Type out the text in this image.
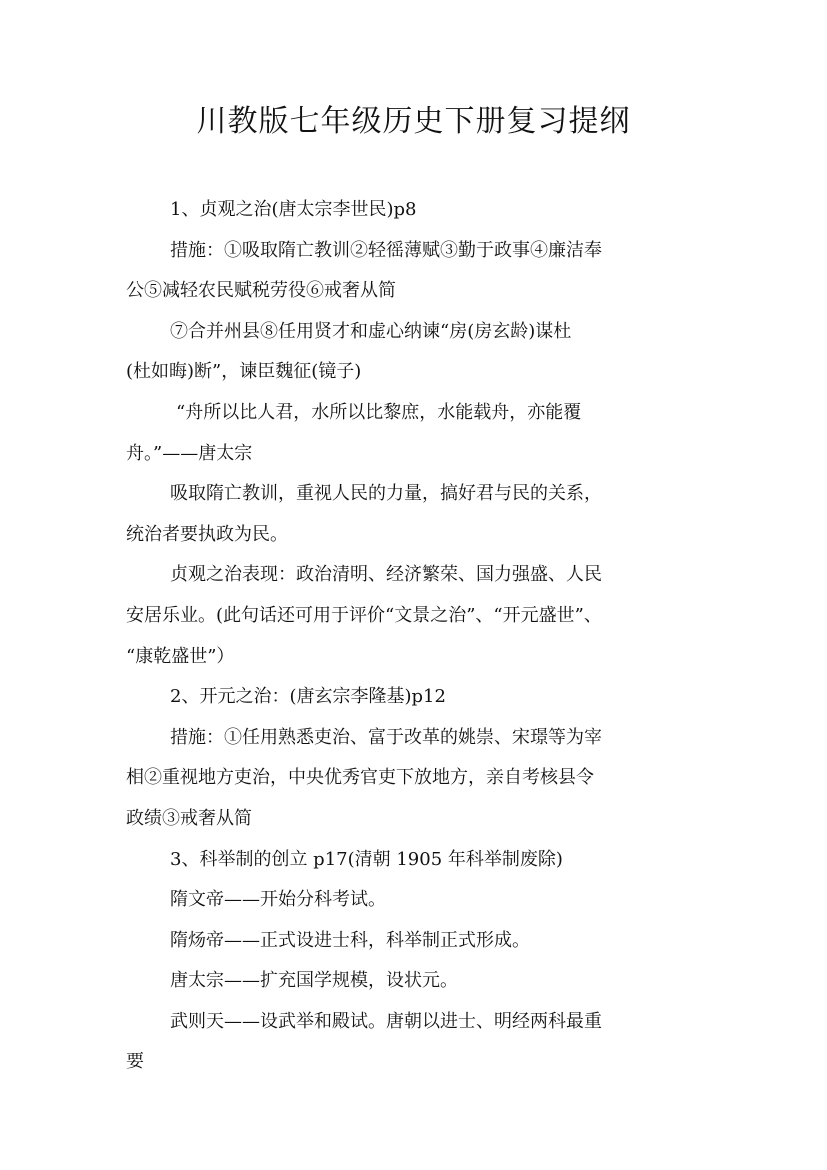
川教版七年级历史下册复习提纲
1、贞观之治(唐太宗李世民)p8
措施：①吸取隋亡教训②轻徭薄赋③勤于政事④廉洁奉
公⑤减轻农民赋税劳役⑥戒奢从简
⑦合并州县⑧任用贤才和虚心纳谏“房(房玄龄)谋杜
(杜如晦)断”，谏臣魏征(镜子)
“舟所以比人君，水所以比黎庶，水能载舟，亦能覆
舟。”——唐太宗
吸取隋亡教训，重视人民的力量，搞好君与民的关系，
统治者要执政为民。
贞观之治表现：政治清明、经济繁荣、国力强盛、人民
安居乐业。(此句话还可用于评价“文景之治”、“开元盛世”、
“康乾盛世”）
2、开元之治：(唐玄宗李隆基)p12
措施：①任用熟悉吏治、富于改革的姚崇、宋璟等为宰
相②重视地方吏治，中央优秀官吏下放地方，亲自考核县令
政绩③戒奢从简
3、科举制的创立 p17(清朝 1905 年科举制废除)
隋文帝——开始分科考试。
隋炀帝——正式设进士科，科举制正式形成。
唐太宗——扩充国学规模，设状元。
武则天——设武举和殿试。唐朝以进士、明经两科最重
要
